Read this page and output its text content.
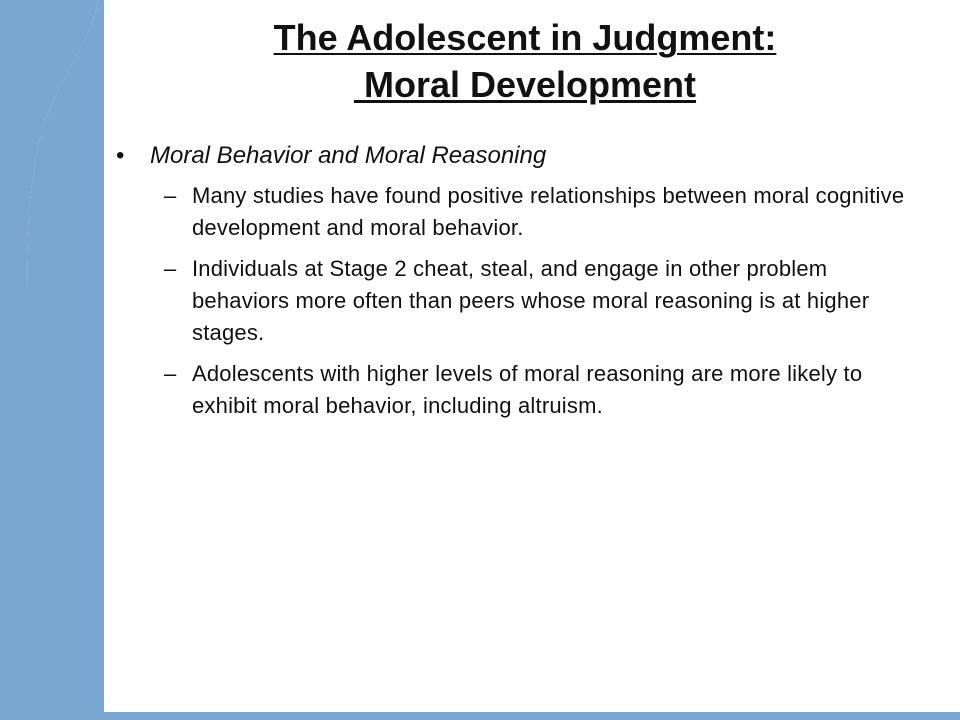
The Adolescent in Judgment:
Moral Development
• Moral Behavior and Moral Reasoning
– Many studies have found positive relationships between moral cognitive development and moral behavior.
– Individuals at Stage 2 cheat, steal, and engage in other problem behaviors more often than peers whose moral reasoning is at higher stages.
– Adolescents with higher levels of moral reasoning are more likely to exhibit moral behavior, including altruism.
